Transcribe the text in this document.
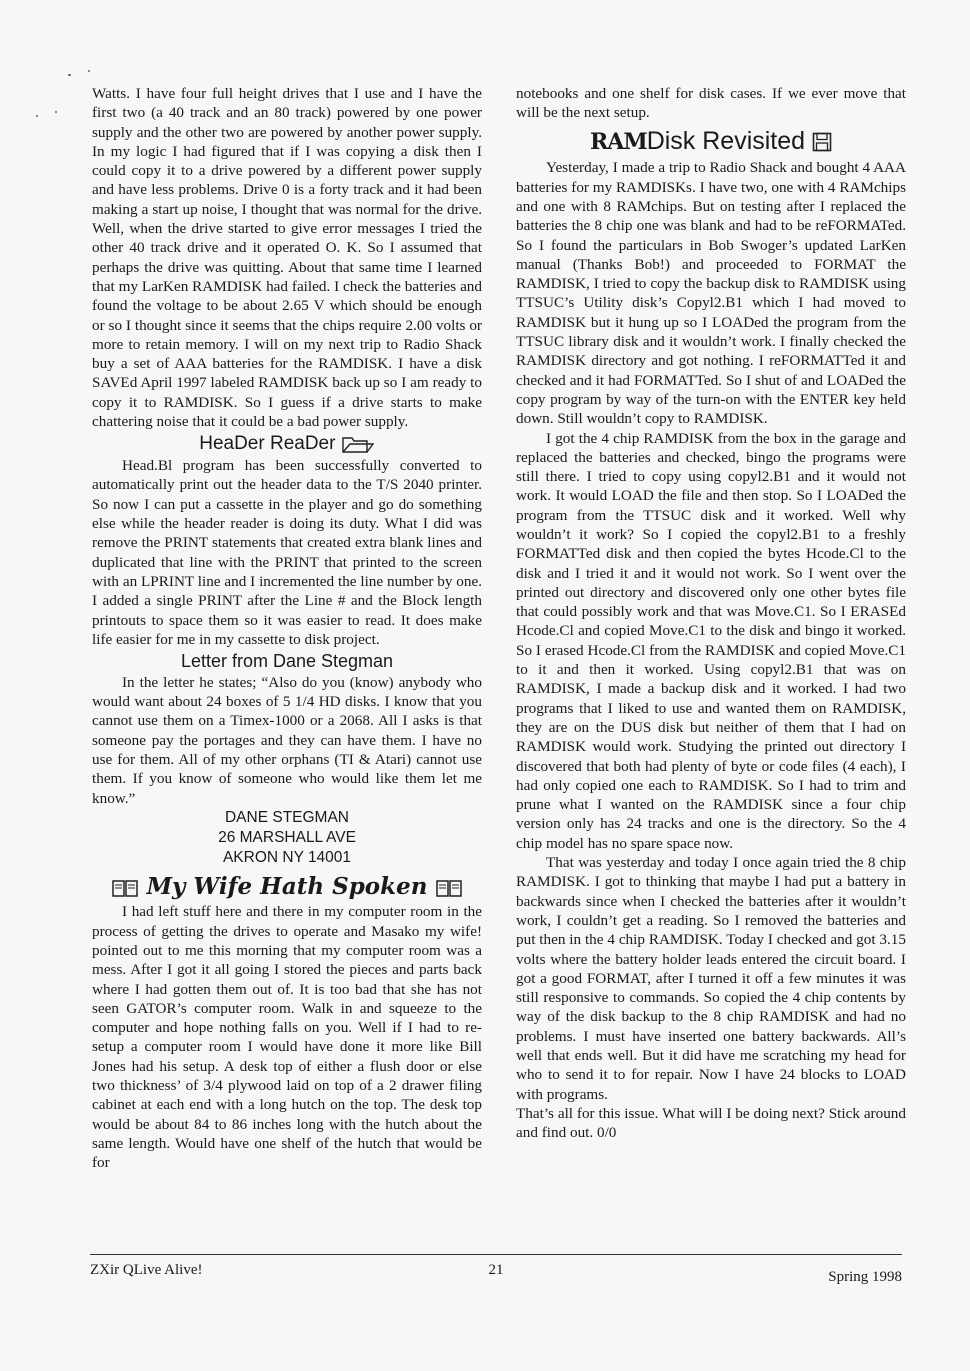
Watts. I have four full height drives that I use and I have the first two (a 40 track and an 80 track) powered by one power supply and the other two are powered by another power supply. In my logic I had figured that if I was copying a disk then I could copy it to a drive powered by a different power supply and have less problems. Drive 0 is a forty track and it had been making a start up noise, I thought that was normal for the drive. Well, when the drive started to give error messages I tried the other 40 track drive and it operated O. K. So I assumed that perhaps the drive was quitting. About that same time I learned that my LarKen RAMDISK had failed. I check the batteries and found the voltage to be about 2.65 V which should be enough or so I thought since it seems that the chips require 2.00 volts or more to retain memory. I will on my next trip to Radio Shack buy a set of AAA batteries for the RAMDISK. I have a disk SAVEd April 1997 labeled RAMDISK back up so I am ready to copy it to RAMDISK. So I guess if a drive starts to make chattering noise that it could be a bad power supply.

HeaDer ReaDer

Head.Bl program has been successfully converted to automatically print out the header data to the T/S 2040 printer. So now I can put a cassette in the player and go do something else while the header reader is doing its duty. What I did was remove the PRINT statements that created extra blank lines and duplicated that line with the PRINT that printed to the screen with an LPRINT line and I incremented the line number by one. I added a single PRINT after the Line # and the Block length printouts to space them so it was easier to read. It does make life easier for me in my cassette to disk project.

Letter from Dane Stegman

In the letter he states; “Also do you (know) anybody who would want about 24 boxes of 5 1/4 HD disks. I know that you cannot use them on a Timex-1000 or a 2068. All I asks is that someone pay the portages and they can have them. I have no use for them. All of my other orphans (TI & Atari) cannot use them. If you know of someone who would like them let me know.”

DANE STEGMAN
26 MARSHALL AVE
AKRON NY 14001
My Wife Hath Spoken

I had left stuff here and there in my computer room in the process of getting the drives to operate and Masako my wife! pointed out to me this morning that my computer room was a mess. After I got it all going I stored the pieces and parts back where I had gotten them out of. It is too bad that she has not seen GATOR’s computer room. Walk in and squeeze to the computer and hope nothing falls on you. Well if I had to re-setup a computer room I would have done it more like Bill Jones had his setup. A desk top of either a flush door or else two thickness’ of 3/4 plywood laid on top of a 2 drawer filing cabinet at each end with a long hutch on the top. The desk top would be about 84 to 86 inches long with the hutch about the same length. Would have one shelf of the hutch that would be for

notebooks and one shelf for disk cases. If we ever move that will be the next setup.

RAMDisk Revisited

Yesterday, I made a trip to Radio Shack and bought 4 AAA batteries for my RAMDISKs. I have two, one with 4 RAMchips and one with 8 RAMchips. But on testing after I replaced the batteries the 8 chip one was blank and had to be reFORMATed. So I found the particulars in Bob Swoger’s updated LarKen manual (Thanks Bob!) and proceeded to FORMAT the RAMDISK, I tried to copy the backup disk to RAMDISK using TTSUC’s Utility disk’s Copyl2.B1 which I had moved to RAMDISK but it hung up so I LOADed the program from the TTSUC library disk and it wouldn’t work. I finally checked the RAMDISK directory and got nothing. I reFORMATTed it and checked and it had FORMATTed. So I shut of and LOADed the copy program by way of the turn-on with the ENTER key held down. Still wouldn’t copy to RAMDISK.

I got the 4 chip RAMDISK from the box in the garage and replaced the batteries and checked, bingo the programs were still there. I tried to copy using copyl2.B1 and it would not work. It would LOAD the file and then stop. So I LOADed the program from the TTSUC disk and it worked. Well why wouldn’t it work? So I copied the copyl2.B1 to a freshly FORMATTed disk and then copied the bytes Hcode.Cl to the disk and I tried it and it would not work. So I went over the printed out directory and discovered only one other bytes file that could possibly work and that was Move.C1. So I ERASEd Hcode.Cl and copied Move.C1 to the disk and bingo it worked. So I erased Hcode.Cl from the RAMDISK and copied Move.C1 to it and then it worked. Using copyl2.B1 that was on RAMDISK, I made a backup disk and it worked. I had two programs that I liked to use and wanted them on RAMDISK, they are on the DUS disk but neither of them that I had on RAMDISK would work. Studying the printed out directory I discovered that both had plenty of byte or code files (4 each), I had only copied one each to RAMDISK. So I had to trim and prune what I wanted on the RAMDISK since a four chip version only has 24 tracks and one is the directory. So the 4 chip model has no spare space now.

That was yesterday and today I once again tried the 8 chip RAMDISK. I got to thinking that maybe I had put a battery in backwards since when I checked the batteries after it wouldn’t work, I couldn’t get a reading. So I removed the batteries and put then in the 4 chip RAMDISK. Today I checked and got 3.15 volts where the battery holder leads entered the circuit board. I got a good FORMAT, after I turned it off a few minutes it was still responsive to commands. So copied the 4 chip contents by way of the disk backup to the 8 chip RAMDISK and had no problems. I must have inserted one battery backwards. All’s well that ends well. But it did have me scratching my head for who to send it to for repair. Now I have 24 blocks to LOAD with programs.

That’s all for this issue. What will I be doing next? Stick around and find out. 0/0

ZXir QLive Alive!	21	Spring 1998
